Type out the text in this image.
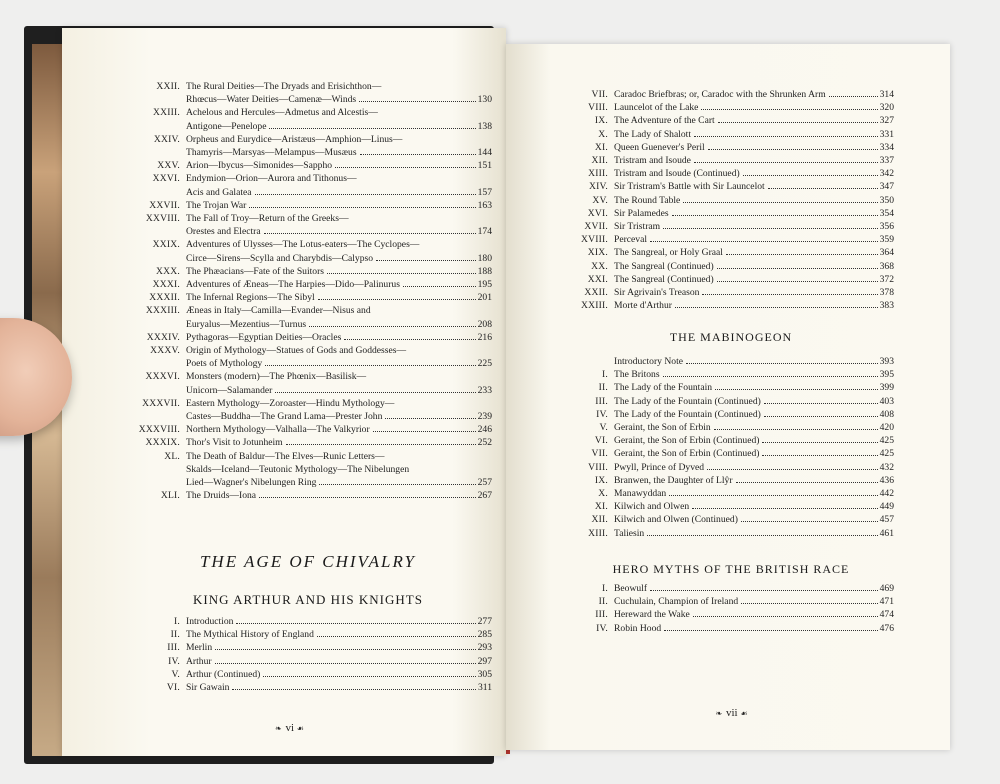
XXII. The Rural Deities—The Dryads and Erisichthon—
Rhœcus—Water Deities—Camenæ—Winds	130
XXIII. Achelous and Hercules—Admetus and Alcestis—
Antigone—Penelope	138
XXIV. Orpheus and Eurydice—Aristæus—Amphion—Linus—
Thamyris—Marsyas—Melampus—Musæus	144
XXV. Arion—Ibycus—Simonides—Sappho	151
XXVI. Endymion—Orion—Aurora and Tithonus—
Acis and Galatea	157
XXVII. The Trojan War	163
XXVIII. The Fall of Troy—Return of the Greeks—
Orestes and Electra	174
XXIX. Adventures of Ulysses—The Lotus-eaters—The Cyclopes—
Circe—Sirens—Scylla and Charybdis—Calypso	180
XXX. The Phæacians—Fate of the Suitors	188
XXXI. Adventures of Æneas—The Harpies—Dido—Palinurus	195
XXXII. The Infernal Regions—The Sibyl	201
XXXIII. Æneas in Italy—Camilla—Evander—Nisus and
Euryalus—Mezentius—Turnus	208
XXXIV. Pythagoras—Egyptian Deities—Oracles	216
XXXV. Origin of Mythology—Statues of Gods and Goddesses—
Poets of Mythology	225
XXXVI. Monsters (modern)—The Phœnix—Basilisk—
Unicorn—Salamander	233
XXXVII. Eastern Mythology—Zoroaster—Hindu Mythology—
Castes—Buddha—The Grand Lama—Prester John	239
XXXVIII. Northern Mythology—Valhalla—The Valkyrior	246
XXXIX. Thor's Visit to Jotunheim	252
XL. The Death of Baldur—The Elves—Runic Letters—
Skalds—Iceland—Teutonic Mythology—The Nibelungen
Lied—Wagner's Nibelungen Ring	257
XLI. The Druids—Iona	267
THE AGE OF CHIVALRY
KING ARTHUR AND HIS KNIGHTS
I. Introduction	277
II. The Mythical History of England	285
III. Merlin	293
IV. Arthur	297
V. Arthur (Continued)	305
VI. Sir Gawain	311
❧ vi ☙
VII. Caradoc Briefbras; or, Caradoc with the Shrunken Arm	314
VIII. Launcelot of the Lake	320
IX. The Adventure of the Cart	327
X. The Lady of Shalott	331
XI. Queen Guenever's Peril	334
XII. Tristram and Isoude	337
XIII. Tristram and Isoude (Continued)	342
XIV. Sir Tristram's Battle with Sir Launcelot	347
XV. The Round Table	350
XVI. Sir Palamedes	354
XVII. Sir Tristram	356
XVIII. Perceval	359
XIX. The Sangreal, or Holy Graal	364
XX. The Sangreal (Continued)	368
XXI. The Sangreal (Continued)	372
XXII. Sir Agrivain's Treason	378
XXIII. Morte d'Arthur	383
THE MABINOGEON
Introductory Note	393
I. The Britons	395
II. The Lady of the Fountain	399
III. The Lady of the Fountain (Continued)	403
IV. The Lady of the Fountain (Continued)	408
V. Geraint, the Son of Erbin	420
VI. Geraint, the Son of Erbin (Continued)	425
VII. Geraint, the Son of Erbin (Continued)	425
VIII. Pwyll, Prince of Dyved	432
IX. Branwen, the Daughter of Llŷr	436
X. Manawyddan	442
XI. Kilwich and Olwen	449
XII. Kilwich and Olwen (Continued)	457
XIII. Taliesin	461
HERO MYTHS OF THE BRITISH RACE
I. Beowulf	469
II. Cuchulain, Champion of Ireland	471
III. Hereward the Wake	474
IV. Robin Hood	476
❧ vii ☙
